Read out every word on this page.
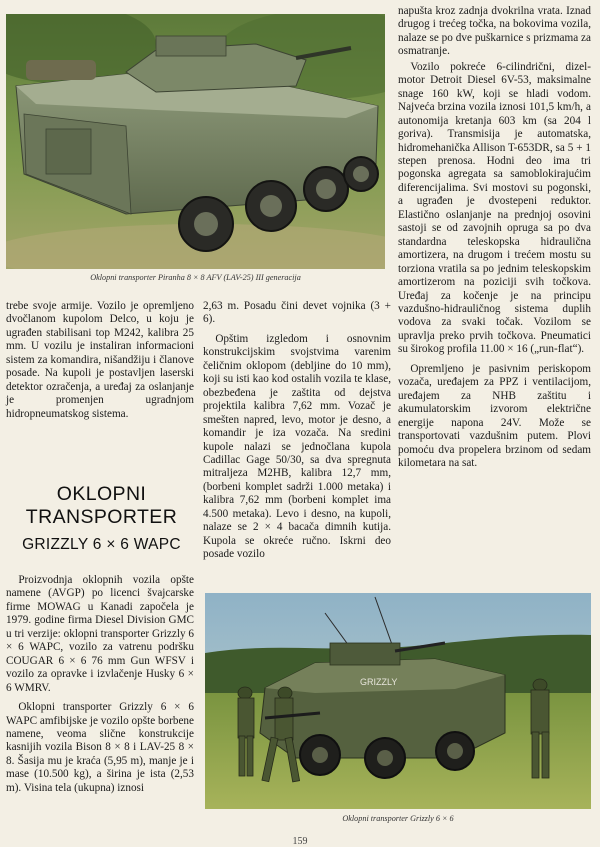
Oklopni transporter Piranha 8 × 8 AFV (LAV-25) III generacija

napušta kroz zadnja dvokrilna vrata. Iznad drugog i trećeg točka, na bokovima vozila, nalaze se po dve puškarnice s prizmama za osmatranje.

Vozilo pokreće 6-cilindrični, dizel-motor Detroit Diesel 6V-53, maksimalne snage 160 kW, koji se hladi vodom. Najveća brzina vozila iznosi 101,5 km/h, a autonomija kretanja 603 km (sa 204 l goriva). Transmisija je automatska, hidromehanička Allison T-653DR, sa 5 + 1 stepen prenosa. Hodni deo ima tri pogonska agregata sa samoblokirajućim diferencijalima. Svi mostovi su pogonski, a ugrađen je dvostepeni reduktor. Elastično oslanjanje na prednjoj osovini sastoji se od zavojnih opruga sa po dva standardna teleskopska hidraulična amortizera, na drugom i trećem mostu su torziona vratila sa po jednim teleskopskim amortizerom na poziciji svih točkova. Uređaj za kočenje je na principu vazdušno-hidrauličnog sistema duplih vodova za svaki točak. Vozilom se upravlja preko prvih točkova. Pneumatici su širokog profila 11.00 × 16 („run-flat“).

Opremljeno je pasivnim periskopom vozača, uređajem za PPZ i ventilacijom, uređajem za NHB zaštitu i akumulatorskim izvorom električne energije napona 24V. Može se transportovati vazdušnim putem. Plovi pomoću dva propelera brzinom od sedam kilometara na sat.

trebe svoje armije. Vozilo je opremljeno dvočlanom kupolom Delco, u koju je ugrađen stabilisani top M242, kalibra 25 mm. U vozilu je instaliran informacioni sistem za komandira, nišandžiju i članove posade. Na kupoli je postavljen laserski detektor ozračenja, a uređaj za oslanjanje je promenjen ugradnjom hidropneumatskog sistema.

2,63 m. Posadu čini devet vojnika (3 + 6).

Opštim izgledom i osnovnim konstrukcijskim svojstvima varenim čeličnim oklopom (debljine do 10 mm), koji su isti kao kod ostalih vozila te klase, obezbeđena je zaštita od dejstva projektila kalibra 7,62 mm. Vozač je smešten napred, levo, motor je desno, a komandir je iza vozača. Na sredini kupole nalazi se jednočlana kupola Cadillac Gage 50/30, sa dva spregnuta mitraljeza M2HB, kalibra 12,7 mm, (borbeni komplet sadrži 1.000 metaka) i kalibra 7,62 mm (borbeni komplet ima 4.500 metaka). Levo i desno, na kupoli, nalaze se 2 × 4 bacača dimnih kutija. Kupola se okreće ručno. Iskrni deo posade vozilo

OKLOPNI
TRANSPORTER
GRIZZLY 6 × 6 WAPC

Proizvodnja oklopnih vozila opšte namene (AVGP) po licenci švajcarske firme MOWAG u Kanadi započela je 1979. godine firma Diesel Division GMC u tri verzije: oklopni transporter Grizzly 6 × 6 WAPC, vozilo za vatrenu podršku COUGAR 6 × 6 76 mm Gun WFSV i vozilo za opravke i izvlačenje Husky 6 × 6 WMRV.

Oklopni transporter Grizzly 6 × 6 WAPC amfibijske je vozilo opšte borbene namene, veoma slične konstrukcije kasnijih vozila Bison 8 × 8 i LAV-25 8 × 8. Šasija mu je kraća (5,95 m), manje je i mase (10.500 kg), a širina je ista (2,53 m). Visina tela (ukupna) iznosi

GRIZZLY
Oklopni transporter Grizzly 6 × 6
159
